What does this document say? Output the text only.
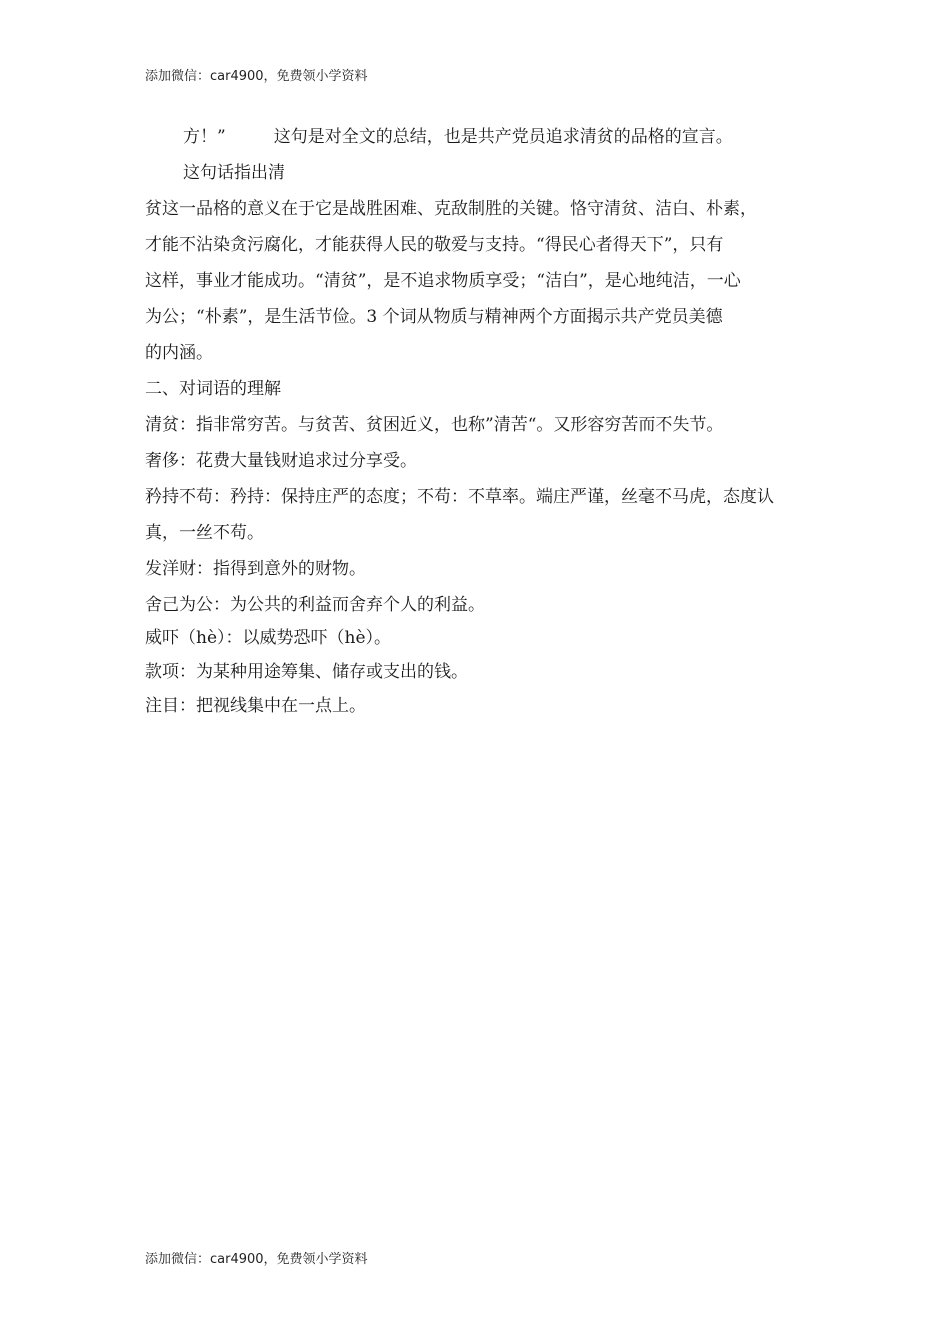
添加微信：car4900，免费领小学资料
方！”	这句是对全文的总结，也是共产党员追求清贫的品格的宣言。
这句话指出清
贫这一品格的意义在于它是战胜困难、克敌制胜的关键。恪守清贫、洁白、朴素，
才能不沾染贪污腐化，才能获得人民的敬爱与支持。“得民心者得天下”，只有
这样，事业才能成功。“清贫”，是不追求物质享受；“洁白”，是心地纯洁，一心
为公；“朴素”，是生活节俭。3 个词从物质与精神两个方面揭示共产党员美德
的内涵。
二、对词语的理解
清贫：指非常穷苦。与贫苦、贫困近义，也称”清苦“。又形容穷苦而不失节。
奢侈：花费大量钱财追求过分享受。
矜持不苟：矜持：保持庄严的态度；不苟：不草率。端庄严谨，丝毫不马虎，态度认
真，一丝不苟。
发洋财：指得到意外的财物。
舍己为公：为公共的利益而舍弃个人的利益。
威吓（hè）：以威势恐吓（hè）。
款项：为某种用途筹集、储存或支出的钱。
注目：把视线集中在一点上。
添加微信：car4900，免费领小学资料
